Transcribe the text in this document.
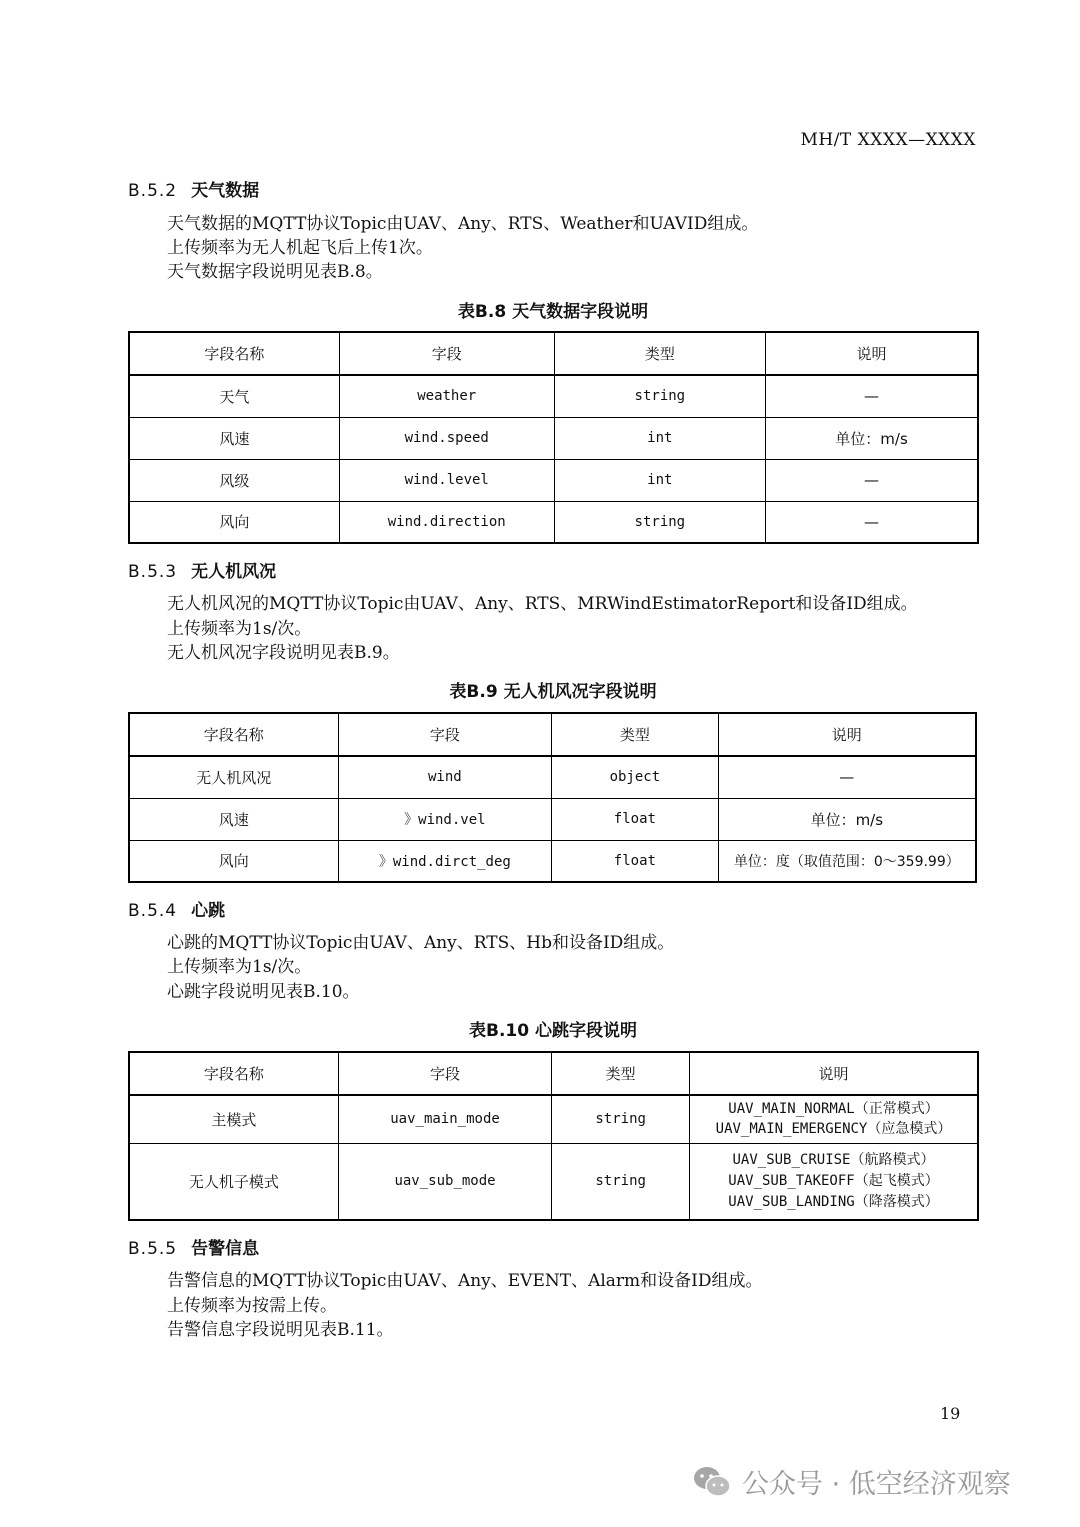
MH/T XXXX—XXXX
B.5.2 天气数据
天气数据的MQTT协议Topic由UAV、Any、RTS、Weather和UAVID组成。
上传频率为无人机起飞后上传1次。
天气数据字段说明见表B.8。
表B.8 天气数据字段说明
字段名称	字段	类型	说明
天气	weather	string	—
风速	wind.speed	int	单位：m/s
风级	wind.level	int	—
风向	wind.direction	string	—
B.5.3 无人机风况
无人机风况的MQTT协议Topic由UAV、Any、RTS、MRWindEstimatorReport和设备ID组成。
上传频率为1s/次。
无人机风况字段说明见表B.9。
表B.9 无人机风况字段说明
字段名称	字段	类型	说明
无人机风况	wind	object	—
风速	》wind.vel	float	单位：m/s
风向	》wind.dirct_deg	float	单位：度（取值范围：0～359.99）
B.5.4 心跳
心跳的MQTT协议Topic由UAV、Any、RTS、Hb和设备ID组成。
上传频率为1s/次。
心跳字段说明见表B.10。
表B.10 心跳字段说明
字段名称	字段	类型	说明
主模式	uav_main_mode	string	UAV_MAIN_NORMAL（正常模式）
UAV_MAIN_EMERGENCY（应急模式）

无人机子模式	uav_sub_mode	string	UAV_SUB_CRUISE（航路模式）
UAV_SUB_TAKEOFF（起飞模式）
UAV_SUB_LANDING（降落模式）
B.5.5 告警信息
告警信息的MQTT协议Topic由UAV、Any、EVENT、Alarm和设备ID组成。
上传频率为按需上传。
告警信息字段说明见表B.11。
19
公众号 · 低空经济观察
